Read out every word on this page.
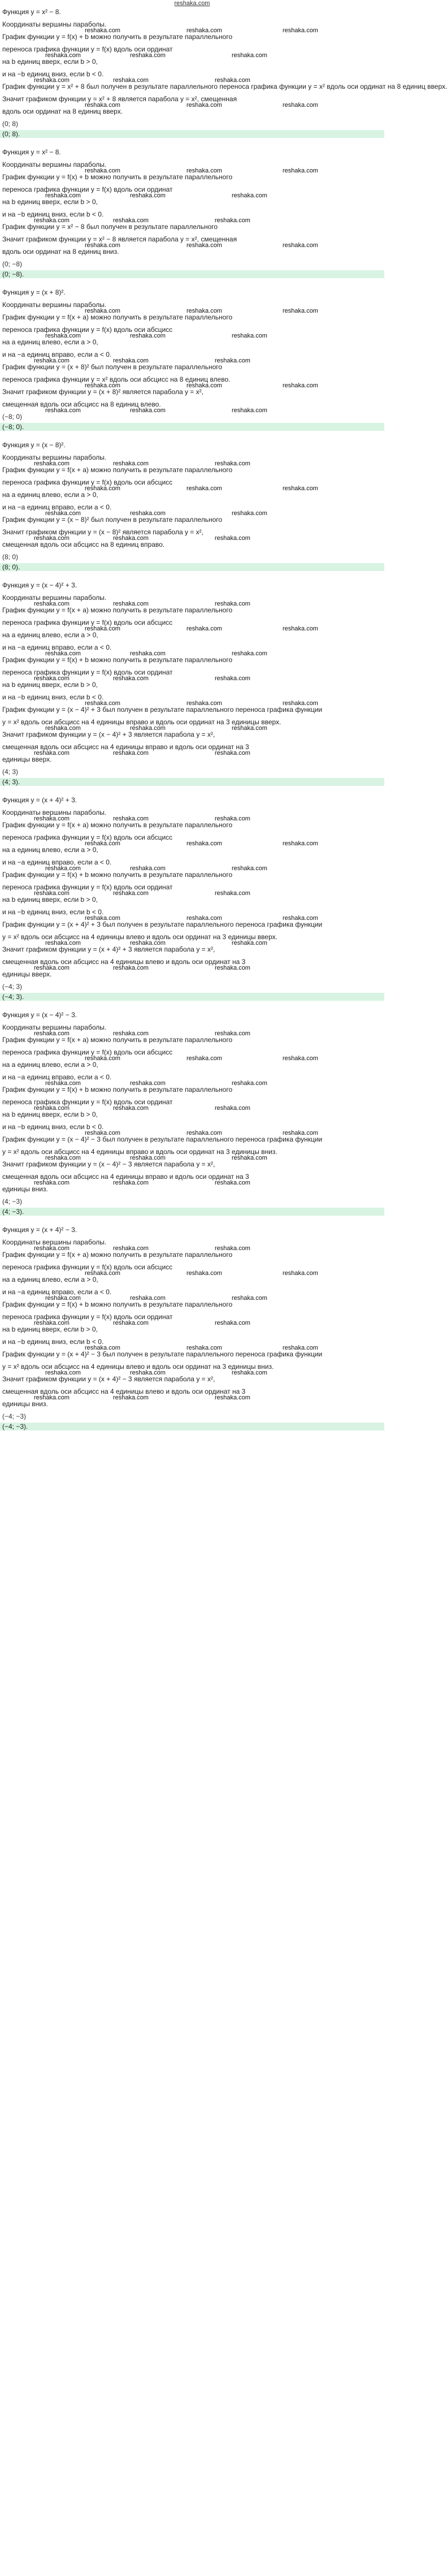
reshaka.com
Функция y = x² − 8.
Координаты вершины параболы.
reshaka.com	reshaka.com	reshaka.com
График функции y = f(x) + b можно получить в результате параллельного
переноса графика функции y = f(x) вдоль оси ординат
reshaka.com	reshaka.com	reshaka.com
на b единиц вверх, если b > 0,
и на −b единиц вниз, если b < 0.
reshaka.com	reshaka.com	reshaka.com
График функции y = x² + 8 был получен в результате параллельного переноса графика функции y = x² вдоль оси ординат на 8 единиц вверх.
Значит графиком функции y = x² + 8 является парабола y = x², смещенная
reshaka.com	reshaka.com	reshaka.com
вдоль оси ординат на 8 единиц вверх.
(0; 8)
(0; 8).
Функция y = x² − 8.
Координаты вершины параболы.
reshaka.com	reshaka.com	reshaka.com
График функции y = f(x) + b можно получить в результате параллельного
переноса графика функции y = f(x) вдоль оси ординат
reshaka.com	reshaka.com	reshaka.com
на b единиц вверх, если b > 0,
и на −b единиц вниз, если b < 0.
reshaka.com	reshaka.com	reshaka.com
График функции y = x² − 8 был получен в результате параллельного
Значит графиком функции y = x² − 8 является парабола y = x², смещенная
reshaka.com	reshaka.com	reshaka.com
вдоль оси ординат на 8 единиц вниз.
(0; −8)
(0; −8).
Функция y = (x + 8)².
Координаты вершины параболы.
reshaka.com	reshaka.com	reshaka.com
График функции y = f(x + a) можно получить в результате параллельного
переноса графика функции y = f(x) вдоль оси абсцисс
reshaka.com	reshaka.com	reshaka.com
на a единиц влево, если a > 0,
и на −a единиц вправо, если a < 0.
reshaka.com	reshaka.com	reshaka.com
График функции y = (x + 8)² был получен в результате параллельного
переноса графика функции y = x² вдоль оси абсцисс на 8 единиц влево.
reshaka.com	reshaka.com	reshaka.com
Значит графиком функции y = (x + 8)² является парабола y = x²,
смещенная вдоль оси абсцисс на 8 единиц влево.
reshaka.com	reshaka.com	reshaka.com
(−8; 0)
(−8; 0).
Функция y = (x − 8)².
Координаты вершины параболы.
reshaka.com	reshaka.com	reshaka.com
График функции y = f(x + a) можно получить в результате параллельного
переноса графика функции y = f(x) вдоль оси абсцисс
reshaka.com	reshaka.com	reshaka.com
на a единиц влево, если a > 0,
и на −a единиц вправо, если a < 0.
reshaka.com	reshaka.com	reshaka.com
График функции y = (x − 8)² был получен в результате параллельного
Значит графиком функции y = (x − 8)² является парабола y = x²,
reshaka.com	reshaka.com	reshaka.com
смещенная вдоль оси абсцисс на 8 единиц вправо.
(8; 0)
(8; 0).
Функция y = (x − 4)² + 3.
Координаты вершины параболы.
reshaka.com	reshaka.com	reshaka.com
График функции y = f(x + a) можно получить в результате параллельного
переноса графика функции y = f(x) вдоль оси абсцисс
reshaka.com	reshaka.com	reshaka.com
на a единиц влево, если a > 0,
и на −a единиц вправо, если a < 0.
reshaka.com	reshaka.com	reshaka.com
График функции y = f(x) + b можно получить в результате параллельного
переноса графика функции y = f(x) вдоль оси ординат
reshaka.com	reshaka.com	reshaka.com
на b единиц вверх, если b > 0,
и на −b единиц вниз, если b < 0.
reshaka.com	reshaka.com	reshaka.com
График функции y = (x − 4)² + 3 был получен в результате параллельного переноса графика функции
y = x² вдоль оси абсцисс на 4 единицы вправо и вдоль оси ординат на 3 единицы вверх.
reshaka.com	reshaka.com	reshaka.com
Значит графиком функции y = (x − 4)² + 3 является парабола y = x²,
смещенная вдоль оси абсцисс на 4 единицы вправо и вдоль оси ординат на 3
reshaka.com	reshaka.com	reshaka.com
единицы вверх.
(4; 3)
(4; 3).
Функция y = (x + 4)² + 3.
Координаты вершины параболы.
reshaka.com	reshaka.com	reshaka.com
График функции y = f(x + a) можно получить в результате параллельного
переноса графика функции y = f(x) вдоль оси абсцисс
reshaka.com	reshaka.com	reshaka.com
на a единиц влево, если a > 0,
и на −a единиц вправо, если a < 0.
reshaka.com	reshaka.com	reshaka.com
График функции y = f(x) + b можно получить в результате параллельного
переноса графика функции y = f(x) вдоль оси ординат
reshaka.com	reshaka.com	reshaka.com
на b единиц вверх, если b > 0,
и на −b единиц вниз, если b < 0.
reshaka.com	reshaka.com	reshaka.com
График функции y = (x + 4)² + 3 был получен в результате параллельного переноса графика функции
y = x² вдоль оси абсцисс на 4 единицы влево и вдоль оси ординат на 3 единицы вверх.
reshaka.com	reshaka.com	reshaka.com
Значит графиком функции y = (x + 4)² + 3 является парабола y = x²,
смещенная вдоль оси абсцисс на 4 единицы влево и вдоль оси ординат на 3
reshaka.com	reshaka.com	reshaka.com
единицы вверх.
(−4; 3)
(−4; 3).
Функция y = (x − 4)² − 3.
Координаты вершины параболы.
reshaka.com	reshaka.com	reshaka.com
График функции y = f(x + a) можно получить в результате параллельного
переноса графика функции y = f(x) вдоль оси абсцисс
reshaka.com	reshaka.com	reshaka.com
на a единиц влево, если a > 0,
и на −a единиц вправо, если a < 0.
reshaka.com	reshaka.com	reshaka.com
График функции y = f(x) + b можно получить в результате параллельного
переноса графика функции y = f(x) вдоль оси ординат
reshaka.com	reshaka.com	reshaka.com
на b единиц вверх, если b > 0,
и на −b единиц вниз, если b < 0.
reshaka.com	reshaka.com	reshaka.com
График функции y = (x − 4)² − 3 был получен в результате параллельного переноса графика функции
y = x² вдоль оси абсцисс на 4 единицы вправо и вдоль оси ординат на 3 единицы вниз.
reshaka.com	reshaka.com	reshaka.com
Значит графиком функции y = (x − 4)² − 3 является парабола y = x²,
смещенная вдоль оси абсцисс на 4 единицы вправо и вдоль оси ординат на 3
reshaka.com	reshaka.com	reshaka.com
единицы вниз.
(4; −3)
(4; −3).
Функция y = (x + 4)² − 3.
Координаты вершины параболы.
reshaka.com	reshaka.com	reshaka.com
График функции y = f(x + a) можно получить в результате параллельного
переноса графика функции y = f(x) вдоль оси абсцисс
reshaka.com	reshaka.com	reshaka.com
на a единиц влево, если a > 0,
и на −a единиц вправо, если a < 0.
reshaka.com	reshaka.com	reshaka.com
График функции y = f(x) + b можно получить в результате параллельного
переноса графика функции y = f(x) вдоль оси ординат
reshaka.com	reshaka.com	reshaka.com
на b единиц вверх, если b > 0,
и на −b единиц вниз, если b < 0.
reshaka.com	reshaka.com	reshaka.com
График функции y = (x + 4)² − 3 был получен в результате параллельного переноса графика функции
y = x² вдоль оси абсцисс на 4 единицы влево и вдоль оси ординат на 3 единицы вниз.
reshaka.com	reshaka.com	reshaka.com
Значит графиком функции y = (x + 4)² − 3 является парабола y = x²,
смещенная вдоль оси абсцисс на 4 единицы влево и вдоль оси ординат на 3
reshaka.com	reshaka.com	reshaka.com
единицы вниз.
(−4; −3)
(−4; −3).
